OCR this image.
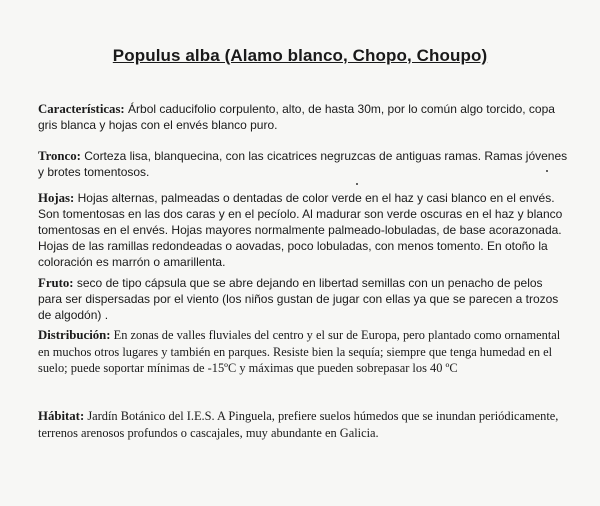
Populus alba (Alamo blanco, Chopo, Choupo)
Características: Árbol caducifolio corpulento, alto, de hasta 30m, por lo común algo torcido, copa gris blanca y hojas con el envés blanco puro.
Tronco: Corteza lisa, blanquecina, con las cicatrices negruzcas de antiguas ramas. Ramas jóvenes y brotes tomentosos.
Hojas: Hojas alternas, palmeadas o dentadas de color verde en el haz y casi blanco en el envés. Son tomentosas en las dos caras y en el pecíolo. Al madurar son verde oscuras en el haz y blanco tomentosas en el envés. Hojas mayores normalmente palmeado-lobuladas, de base acorazonada. Hojas de las ramillas redondeadas o aovadas, poco lobuladas, con menos tomento. En otoño la coloración es marrón o amarillenta.
Fruto: seco de tipo cápsula que se abre dejando en libertad semillas con un penacho de pelos para ser dispersadas por el viento (los niños gustan de jugar con ellas ya que se parecen a trozos de algodón) .
Distribución: En zonas de valles fluviales del centro y el sur de Europa, pero plantado como ornamental en muchos otros lugares y también en parques. Resiste bien la sequía; siempre que tenga humedad en el suelo; puede soportar mínimas de -15ºC y máximas que pueden sobrepasar los 40 ºC
Hábitat: Jardín Botánico del I.E.S. A Pinguela, prefiere suelos húmedos que se inundan periódicamente, terrenos arenosos profundos o cascajales, muy abundante en Galicia.
